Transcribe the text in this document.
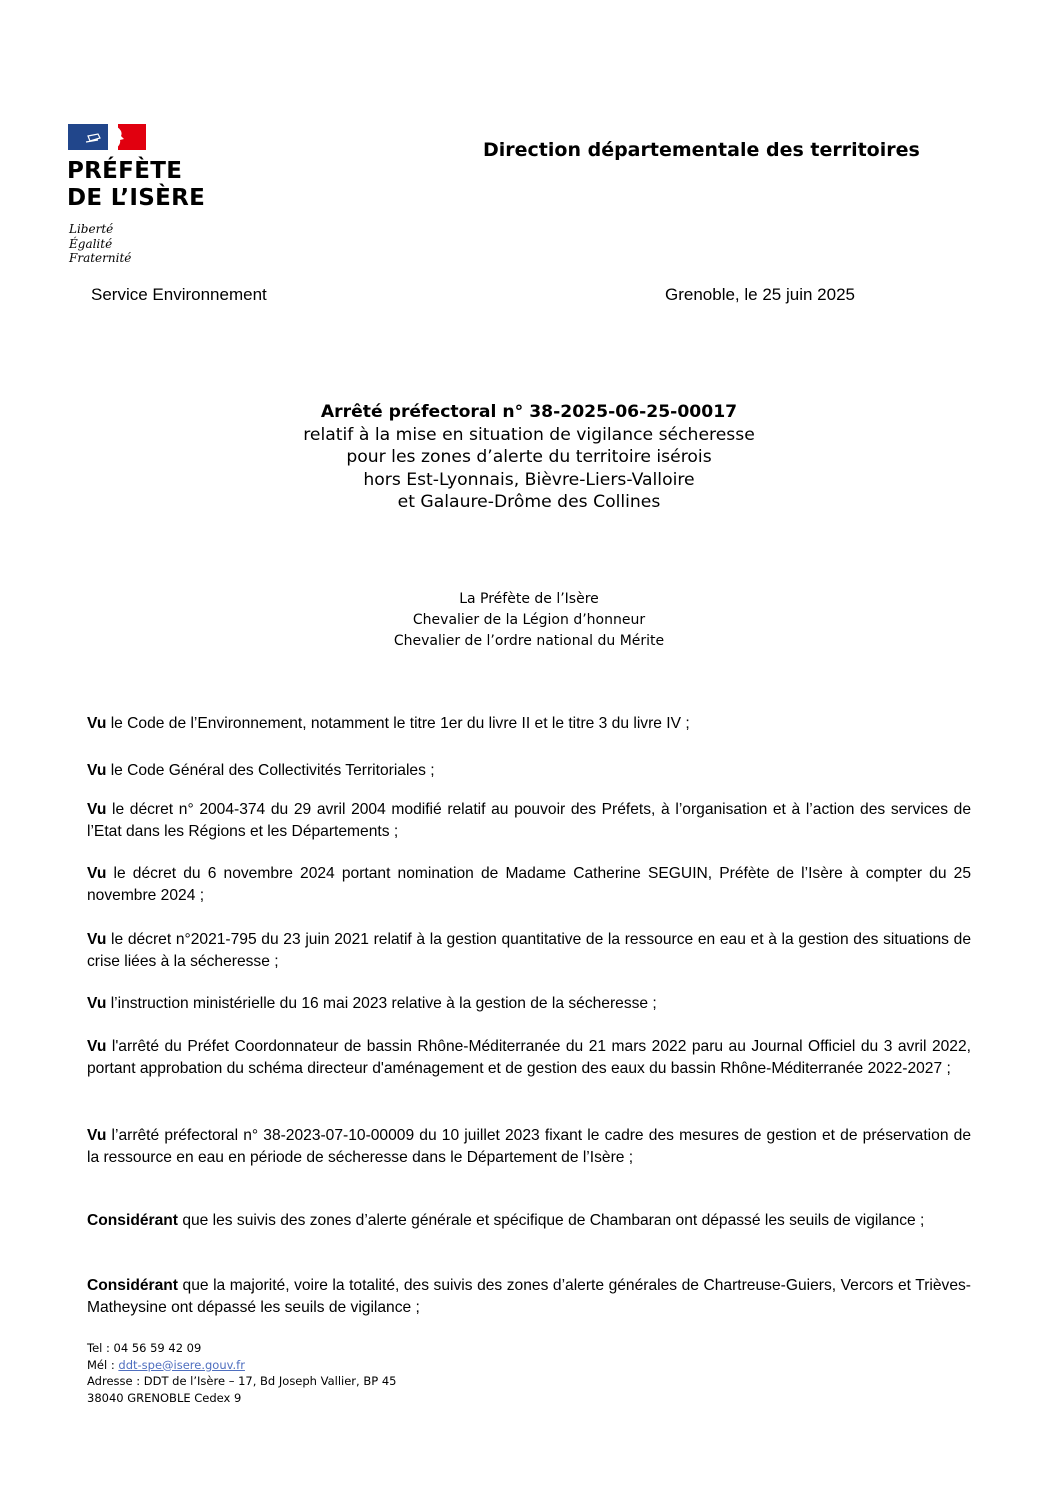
PRÉFÈTE
DE L’ISÈRE
Liberté
Égalité
Fraternité
Direction départementale des territoires
Service Environnement	Grenoble, le 25 juin 2025
Arrêté préfectoral n° 38-2025-06-25-00017
relatif à la mise en situation de vigilance sécheresse
pour les zones d’alerte du territoire isérois
hors Est-Lyonnais, Bièvre-Liers-Valloire
et Galaure-Drôme des Collines
La Préfète de l’Isère
Chevalier de la Légion d’honneur
Chevalier de l’ordre national du Mérite

Vu le Code de l’Environnement, notamment le titre 1er du livre II et le titre 3 du livre IV ;

Vu le Code Général des Collectivités Territoriales ;

Vu le décret n° 2004-374 du 29 avril 2004 modifié relatif au pouvoir des Préfets, à l’organisation et à l’action des services de l’Etat dans les Régions et les Départements ;

Vu le décret du 6 novembre 2024 portant nomination de Madame Catherine SEGUIN, Préfète de l’Isère à compter du 25 novembre 2024 ;

Vu le décret n°2021-795 du 23 juin 2021 relatif à la gestion quantitative de la ressource en eau et à la gestion des situations de crise liées à la sécheresse ;

Vu l’instruction ministérielle du 16 mai 2023 relative à la gestion de la sécheresse ;

Vu l'arrêté du Préfet Coordonnateur de bassin Rhône-Méditerranée du 21 mars 2022 paru au Journal Officiel du 3 avril 2022, portant approbation du schéma directeur d'aménagement et de gestion des eaux du bassin Rhône-Méditerranée 2022-2027 ;

Vu l’arrêté préfectoral n° 38-2023-07-10-00009 du 10 juillet 2023 fixant le cadre des mesures de gestion et de préservation de la ressource en eau en période de sécheresse dans le Département de l’Isère ;

Considérant que les suivis des zones d’alerte générale et spécifique de Chambaran ont dépassé les seuils de vigilance ;

Considérant que la majorité, voire la totalité, des suivis des zones d’alerte générales de Chartreuse-Guiers, Vercors et Trièves-Matheysine ont dépassé les seuils de vigilance ;

Tel : 04 56 59 42 09
Mél : ddt-spe@isere.gouv.fr
Adresse : DDT de l’Isère – 17, Bd Joseph Vallier, BP 45
38040 GRENOBLE Cedex 9
